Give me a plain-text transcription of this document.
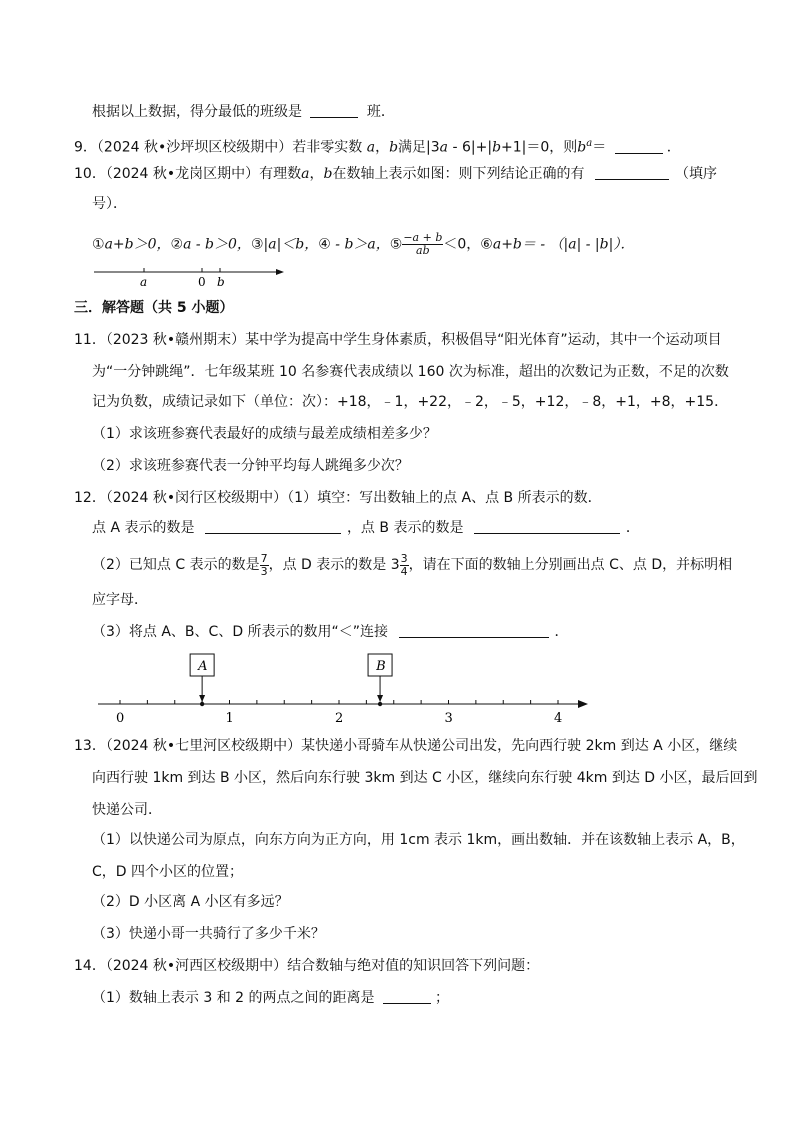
根据以上数据，得分最低的班级是	班．
9．（2024 秋•沙坪坝区校级期中）若非零实数 a，b满足|3a - 6|+|b+1|＝0，则$b^a=$	．
10．（2024 秋•龙岗区期中）有理数a，b在数轴上表示如图：则下列结论正确的有	（填序
号）．
①a+b＞0，②a - b＞0，③|a|＜b，④ - b＞a，⑤ $\frac{-a + b}{ab} <0$，⑥a+b＝ - （|a| - |b|）．
a	0 b
三．解答题（共 5 小题）
11．（2023 秋•赣州期末）某中学为提高中学生身体素质，积极倡导“阳光体育”运动，其中一个运动项目
为“一分钟跳绳”．七年级某班 10 名参赛代表成绩以 160 次为标准，超出的次数记为正数，不足的次数
记为负数，成绩记录如下（单位：次）：+18，﹣1，+22，﹣2，﹣5，+12，﹣8，+1，+8，+15．
（1）求该班参赛代表最好的成绩与最差成绩相差多少？
（2）求该班参赛代表一分钟平均每人跳绳多少次？
12．（2024 秋•闵行区校级期中）（1）填空：写出数轴上的点 A、点 B 所表示的数．
点 A 表示的数是	，点 B 表示的数是	．
（2）已知点 C 表示的数是 $\frac{7}{3}$ ，点 D 表示的数是 $3 \frac{3}{4}$ ，请在下面的数轴上分别画出点 C、点 D，并标明相
应字母．
（3）将点 A、B、C、D 所表示的数用“＜”连接	．
0	1	2	3	4
A	B
13．（2024 秋•七里河区校级期中）某快递小哥骑车从快递公司出发，先向西行驶 2km 到达 A 小区，继续
向西行驶 1km 到达 B 小区，然后向东行驶 3km 到达 C 小区，继续向东行驶 4km 到达 D 小区，最后回到
快递公司．
（1）以快递公司为原点，向东方向为正方向，用 1cm 表示 1km，画出数轴．并在该数轴上表示 A，B，
C，D 四个小区的位置；
（2）D 小区离 A 小区有多远？
（3）快递小哥一共骑行了多少千米？
14．（2024 秋•河西区校级期中）结合数轴与绝对值的知识回答下列问题：
（1）数轴上表示 3 和 2 的两点之间的距离是	；
